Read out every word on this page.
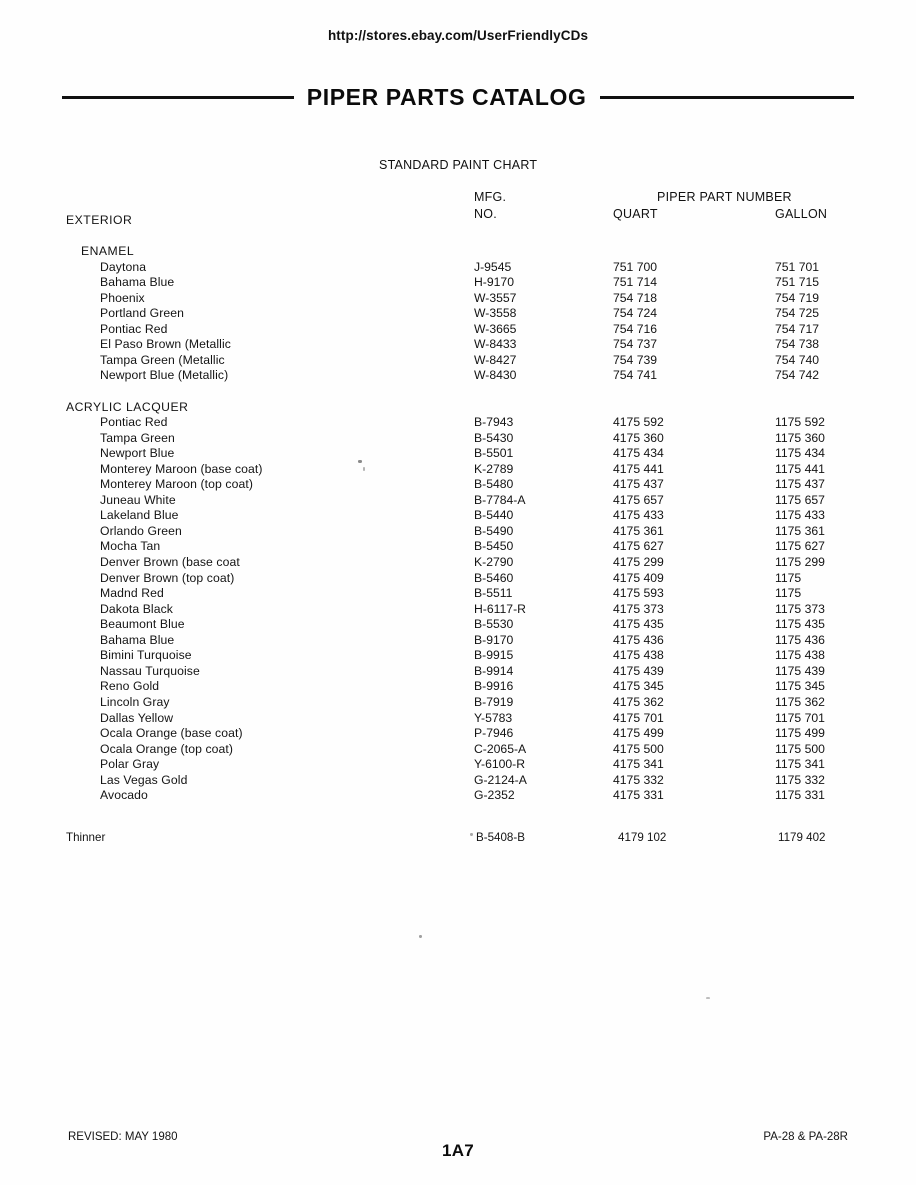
http://stores.ebay.com/UserFriendlyCDs
PIPER PARTS CATALOG
STANDARD PAINT CHART
MFG.
NO.
PIPER PART NUMBER
QUART	GALLON
EXTERIOR
ENAMEL
Daytona	J-9545	751 700	751 701
Bahama Blue	H-9170	751 714	751 715
Phoenix	W-3557	754 718	754 719
Portland Green	W-3558	754 724	754 725
Pontiac Red	W-3665	754 716	754 717
El Paso Brown (Metallic	W-8433	754 737	754 738
Tampa Green (Metallic	W-8427	754 739	754 740
Newport Blue (Metallic)	W-8430	754 741	754 742
ACRYLIC LACQUER
Pontiac Red	B-7943	4175 592	1175 592
Tampa Green	B-5430	4175 360	1175 360
Newport Blue	B-5501	4175 434	1175 434
Monterey Maroon (base coat)	K-2789	4175 441	1175 441
Monterey Maroon (top coat)	B-5480	4175 437	1175 437
Juneau White	B-7784-A	4175 657	1175 657
Lakeland Blue	B-5440	4175 433	1175 433
Orlando Green	B-5490	4175 361	1175 361
Mocha Tan	B-5450	4175 627	1175 627
Denver Brown (base coat	K-2790	4175 299	1175 299
Denver Brown (top coat)	B-5460	4175 409	1175
Madnd Red	B-5511	4175 593	1175
Dakota Black	H-6117-R	4175 373	1175 373
Beaumont Blue	B-5530	4175 435	1175 435
Bahama Blue	B-9170	4175 436	1175 436
Bimini Turquoise	B-9915	4175 438	1175 438
Nassau Turquoise	B-9914	4175 439	1175 439
Reno Gold	B-9916	4175 345	1175 345
Lincoln Gray	B-7919	4175 362	1175 362
Dallas Yellow	Y-5783	4175 701	1175 701
Ocala Orange (base coat)	P-7946	4175 499	1175 499
Ocala Orange (top coat)	C-2065-A	4175 500	1175 500
Polar Gray	Y-6100-R	4175 341	1175 341
Las Vegas Gold	G-2124-A	4175 332	1175 332
Avocado	G-2352	4175 331	1175 331
Thinner	B-5408-B	4179 102	1179 402
REVISED: MAY 1980
1A7
PA-28 & PA-28R
